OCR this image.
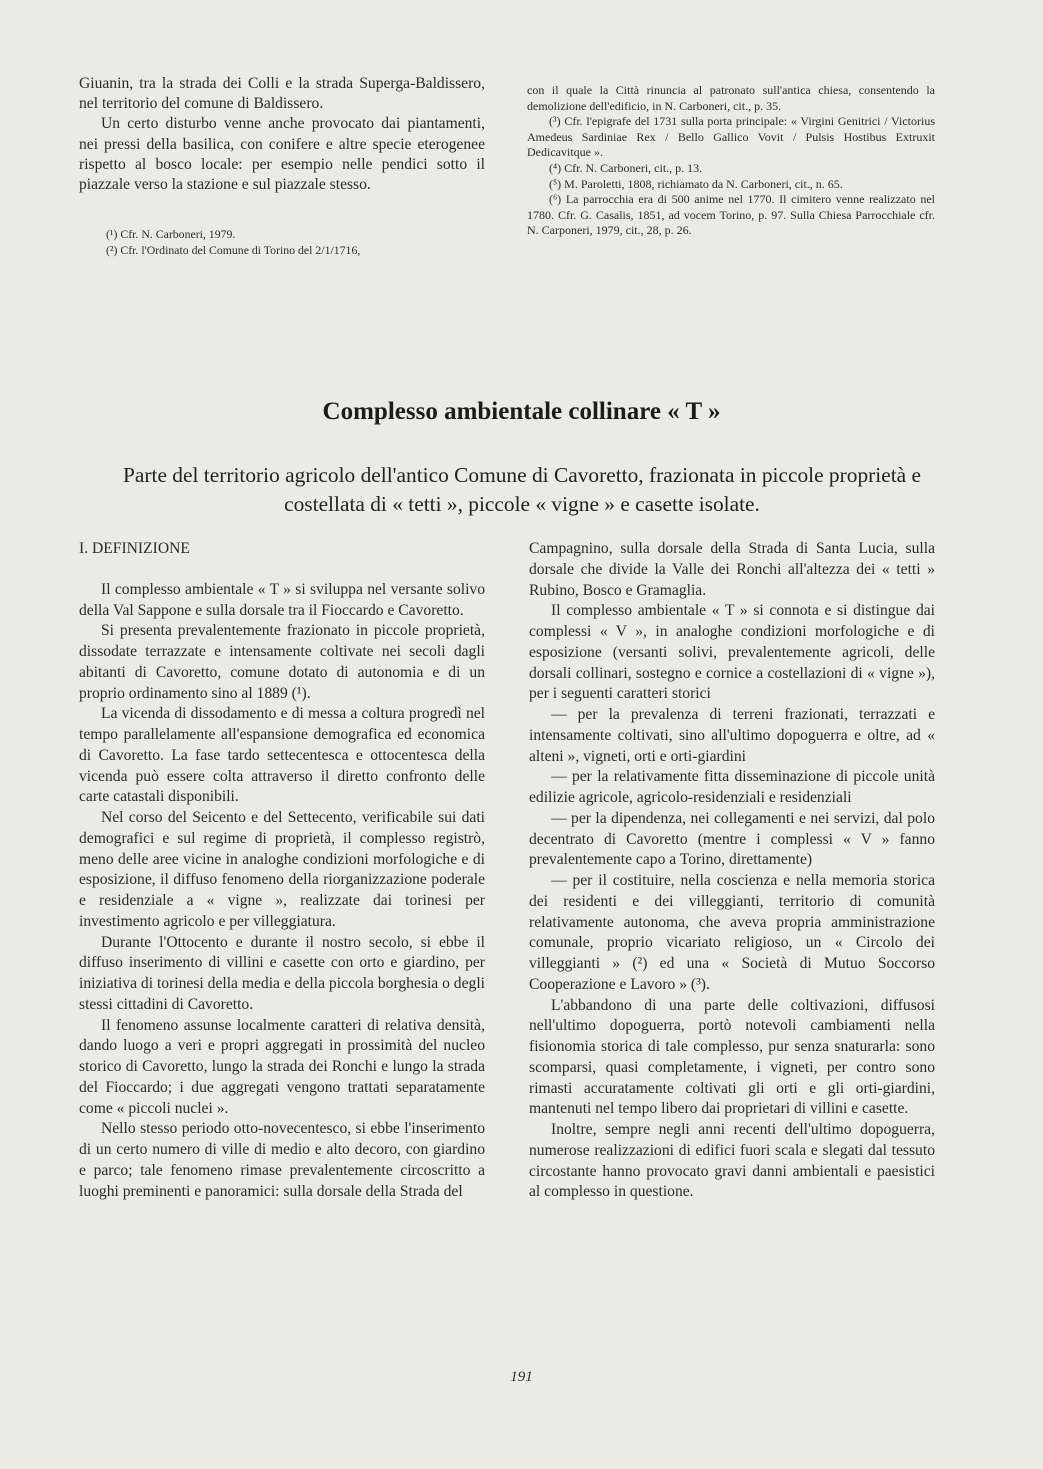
Giuanin, tra la strada dei Colli e la strada Superga-Baldissero, nel territorio del comune di Baldissero.

Un certo disturbo venne anche provocato dai piantamenti, nei pressi della basilica, con conifere e altre specie eterogenee rispetto al bosco locale: per esempio nelle pendici sotto il piazzale verso la stazione e sul piazzale stesso.

(¹) Cfr. N. Carboneri, 1979.

(²) Cfr. l'Ordinato del Comune di Torino del 2/1/1716,

con il quale la Città rinuncia al patronato sull'antica chiesa, consentendo la demolizione dell'edificio, in N. Carboneri, cit., p. 35.

(³) Cfr. l'epigrafe del 1731 sulla porta principale: « Virgini Genitrici / Victorius Amedeus Sardiniae Rex / Bello Gallico Vovit / Pulsis Hostibus Extruxit Dedicavitque ».

(⁴) Cfr. N. Carboneri, cit., p. 13.

(⁵) M. Paroletti, 1808, richiamato da N. Carboneri, cit., n. 65.

(⁶) La parrocchia era di 500 anime nel 1770. Il cimitero venne realizzato nel 1780. Cfr. G. Casalis, 1851, ad vocem Torino, p. 97. Sulla Chiesa Parrocchiale cfr. N. Carponeri, 1979, cit., 28, p. 26.

Complesso ambientale collinare « T »
Parte del territorio agricolo dell'antico Comune di Cavoretto, frazionata in piccole proprietà e costellata di « tetti », piccole « vigne » e casette isolate.

I. DEFINIZIONE

Il complesso ambientale « T » si sviluppa nel versante solivo della Val Sappone e sulla dorsale tra il Fioccardo e Cavoretto.

Si presenta prevalentemente frazionato in piccole proprietà, dissodate terrazzate e intensamente coltivate nei secoli dagli abitanti di Cavoretto, comune dotato di autonomia e di un proprio ordinamento sino al 1889 (¹).

La vicenda di dissodamento e di messa a coltura progredì nel tempo parallelamente all'espansione demografica ed economica di Cavoretto. La fase tardo settecentesca e ottocentesca della vicenda può essere colta attraverso il diretto confronto delle carte catastali disponibili.

Nel corso del Seicento e del Settecento, verificabile sui dati demografici e sul regime di proprietà, il complesso registrò, meno delle aree vicine in analoghe condizioni morfologiche e di esposizione, il diffuso fenomeno della riorganizzazione poderale e residenziale a « vigne », realizzate dai torinesi per investimento agricolo e per villeggiatura.

Durante l'Ottocento e durante il nostro secolo, si ebbe il diffuso inserimento di villini e casette con orto e giardino, per iniziativa di torinesi della media e della piccola borghesia o degli stessi cittadini di Cavoretto.

Il fenomeno assunse localmente caratteri di relativa densità, dando luogo a veri e propri aggregati in prossimità del nucleo storico di Cavoretto, lungo la strada dei Ronchi e lungo la strada del Fioccardo; i due aggregati vengono trattati separatamente come « piccoli nuclei ».

Nello stesso periodo otto-novecentesco, si ebbe l'inserimento di un certo numero di ville di medio e alto decoro, con giardino e parco; tale fenomeno rimase prevalentemente circoscritto a luoghi preminenti e panoramici: sulla dorsale della Strada del

Campagnino, sulla dorsale della Strada di Santa Lucia, sulla dorsale che divide la Valle dei Ronchi all'altezza dei « tetti » Rubino, Bosco e Gramaglia.

Il complesso ambientale « T » si connota e si distingue dai complessi « V », in analoghe condizioni morfologiche e di esposizione (versanti solivi, prevalentemente agricoli, delle dorsali collinari, sostegno e cornice a costellazioni di « vigne »), per i seguenti caratteri storici

— per la prevalenza di terreni frazionati, terrazzati e intensamente coltivati, sino all'ultimo dopoguerra e oltre, ad « alteni », vigneti, orti e orti-giardini

— per la relativamente fitta disseminazione di piccole unità edilizie agricole, agricolo-residenziali e residenziali

— per la dipendenza, nei collegamenti e nei servizi, dal polo decentrato di Cavoretto (mentre i complessi « V » fanno prevalentemente capo a Torino, direttamente)

— per il costituire, nella coscienza e nella memoria storica dei residenti e dei villeggianti, territorio di comunità relativamente autonoma, che aveva propria amministrazione comunale, proprio vicariato religioso, un « Circolo dei villeggianti » (²) ed una « Società di Mutuo Soccorso Cooperazione e Lavoro » (³).

L'abbandono di una parte delle coltivazioni, diffusosi nell'ultimo dopoguerra, portò notevoli cambiamenti nella fisionomia storica di tale complesso, pur senza snaturarla: sono scomparsi, quasi completamente, i vigneti, per contro sono rimasti accuratamente coltivati gli orti e gli orti-giardini, mantenuti nel tempo libero dai proprietari di villini e casette.

Inoltre, sempre negli anni recenti dell'ultimo dopoguerra, numerose realizzazioni di edifici fuori scala e slegati dal tessuto circostante hanno provocato gravi danni ambientali e paesistici al complesso in questione.

191
